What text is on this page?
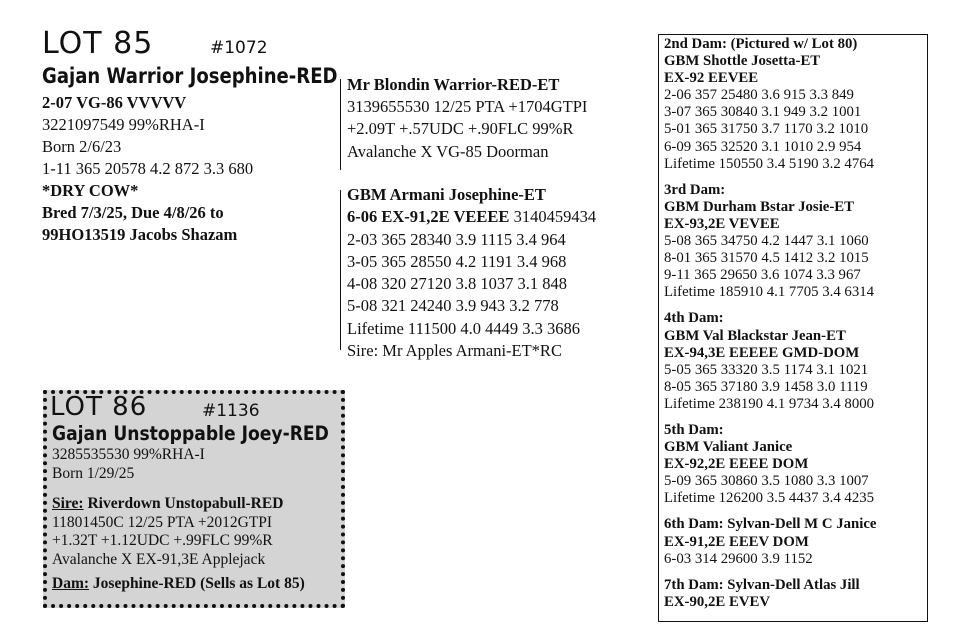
LOT 85	#1072
Gajan Warrior Josephine-RED
2-07 VG-86 VVVVV
3221097549 99%RHA-I
Born 2/6/23
1-11 365 20578 4.2 872 3.3 680
*DRY COW*
Bred 7/3/25, Due 4/8/26 to
99HO13519 Jacobs Shazam
Mr Blondin Warrior-RED-ET
3139655530 12/25 PTA +1704GTPI
+2.09T +.57UDC +.90FLC 99%R
Avalanche X VG-85 Doorman
GBM Armani Josephine-ET
6-06 EX-91,2E VEEEE 3140459434
2-03 365 28340 3.9 1115 3.4 964
3-05 365 28550 4.2 1191 3.4 968
4-08 320 27120 3.8 1037 3.1 848
5-08 321 24240 3.9 943 3.2 778
Lifetime 111500 4.0 4449 3.3 3686
Sire: Mr Apples Armani-ET*RC
LOT 86	#1136
Gajan Unstoppable Joey-RED
3285535530 99%RHA-I
Born 1/29/25
Sire: Riverdown Unstopabull-RED
11801450C 12/25 PTA +2012GTPI
+1.32T +1.12UDC +.99FLC 99%R
Avalanche X EX-91,3E Applejack
Dam: Josephine-RED (Sells as Lot 85)
2nd Dam: (Pictured w/ Lot 80)
GBM Shottle Josetta-ET
EX-92 EEVEE
2-06 357 25480 3.6 915 3.3 849
3-07 365 30840 3.1 949 3.2 1001
5-01 365 31750 3.7 1170 3.2 1010
6-09 365 32520 3.1 1010 2.9 954
Lifetime 150550 3.4 5190 3.2 4764
3rd Dam:
GBM Durham Bstar Josie-ET
EX-93,2E VEVEE
5-08 365 34750 4.2 1447 3.1 1060
8-01 365 31570 4.5 1412 3.2 1015
9-11 365 29650 3.6 1074 3.3 967
Lifetime 185910 4.1 7705 3.4 6314
4th Dam:
GBM Val Blackstar Jean-ET
EX-94,3E EEEEE GMD-DOM
5-05 365 33320 3.5 1174 3.1 1021
8-05 365 37180 3.9 1458 3.0 1119
Lifetime 238190 4.1 9734 3.4 8000
5th Dam:
GBM Valiant Janice
EX-92,2E EEEE DOM
5-09 365 30860 3.5 1080 3.3 1007
Lifetime 126200 3.5 4437 3.4 4235
6th Dam: Sylvan-Dell M C Janice
EX-91,2E EEEV DOM
6-03 314 29600 3.9 1152
7th Dam: Sylvan-Dell Atlas Jill
EX-90,2E EVEV
